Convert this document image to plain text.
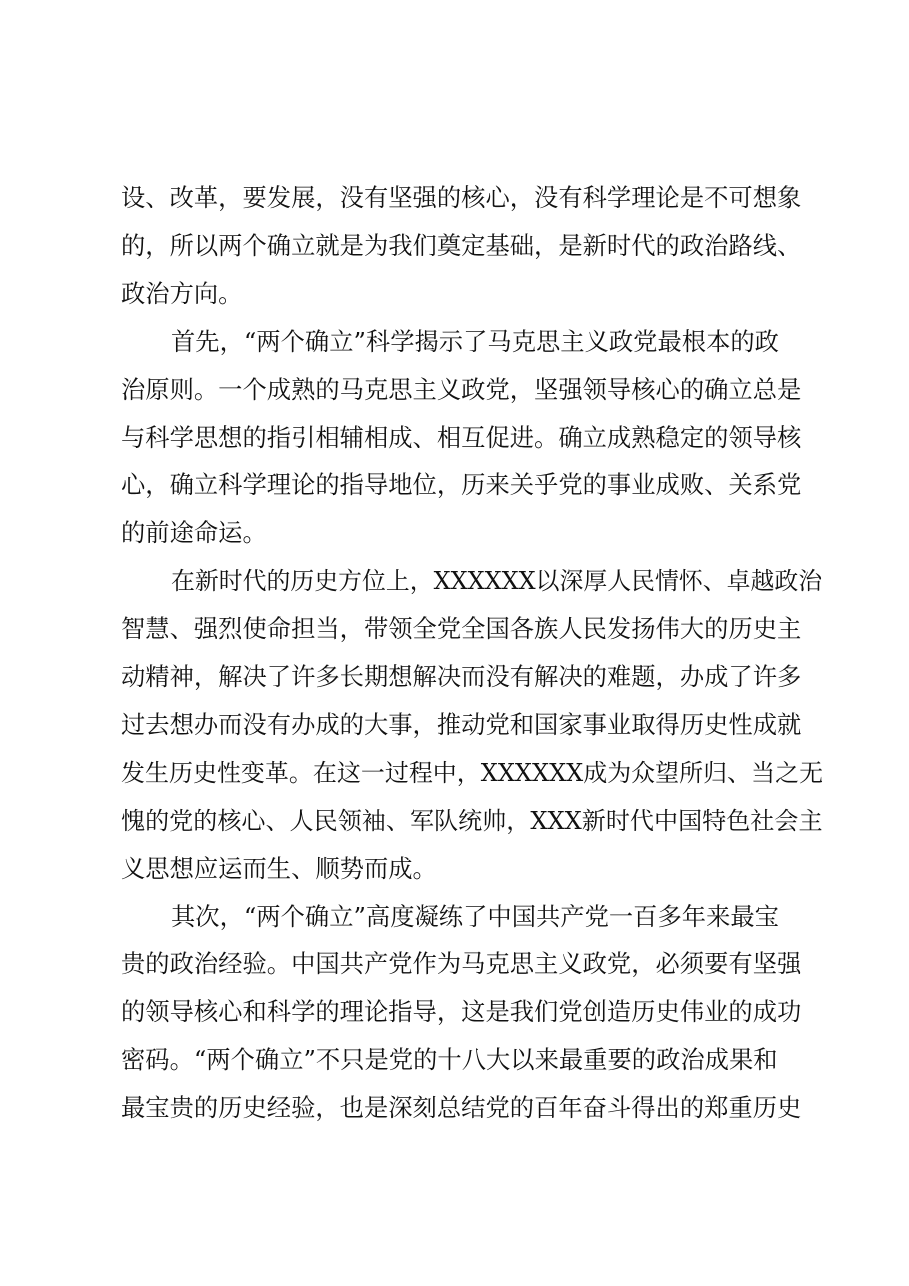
设、改革，要发展，没有坚强的核心，没有科学理论是不可想象
的，所以两个确立就是为我们奠定基础，是新时代的政治路线、
政治方向。
首先，“两个确立”科学揭示了马克思主义政党最根本的政
治原则。一个成熟的马克思主义政党，坚强领导核心的确立总是
与科学思想的指引相辅相成、相互促进。确立成熟稳定的领导核
心，确立科学理论的指导地位，历来关乎党的事业成败、关系党
的前途命运。
在新时代的历史方位上，XXXXXX以深厚人民情怀、卓越政治
智慧、强烈使命担当，带领全党全国各族人民发扬伟大的历史主
动精神，解决了许多长期想解决而没有解决的难题，办成了许多
过去想办而没有办成的大事，推动党和国家事业取得历史性成就
发生历史性变革。在这一过程中，XXXXXX成为众望所归、当之无
愧的党的核心、人民领袖、军队统帅，XXX新时代中国特色社会主
义思想应运而生、顺势而成。
其次，“两个确立”高度凝练了中国共产党一百多年来最宝
贵的政治经验。中国共产党作为马克思主义政党，必须要有坚强
的领导核心和科学的理论指导，这是我们党创造历史伟业的成功
密码。“两个确立”不只是党的十八大以来最重要的政治成果和
最宝贵的历史经验，也是深刻总结党的百年奋斗得出的郑重历史
